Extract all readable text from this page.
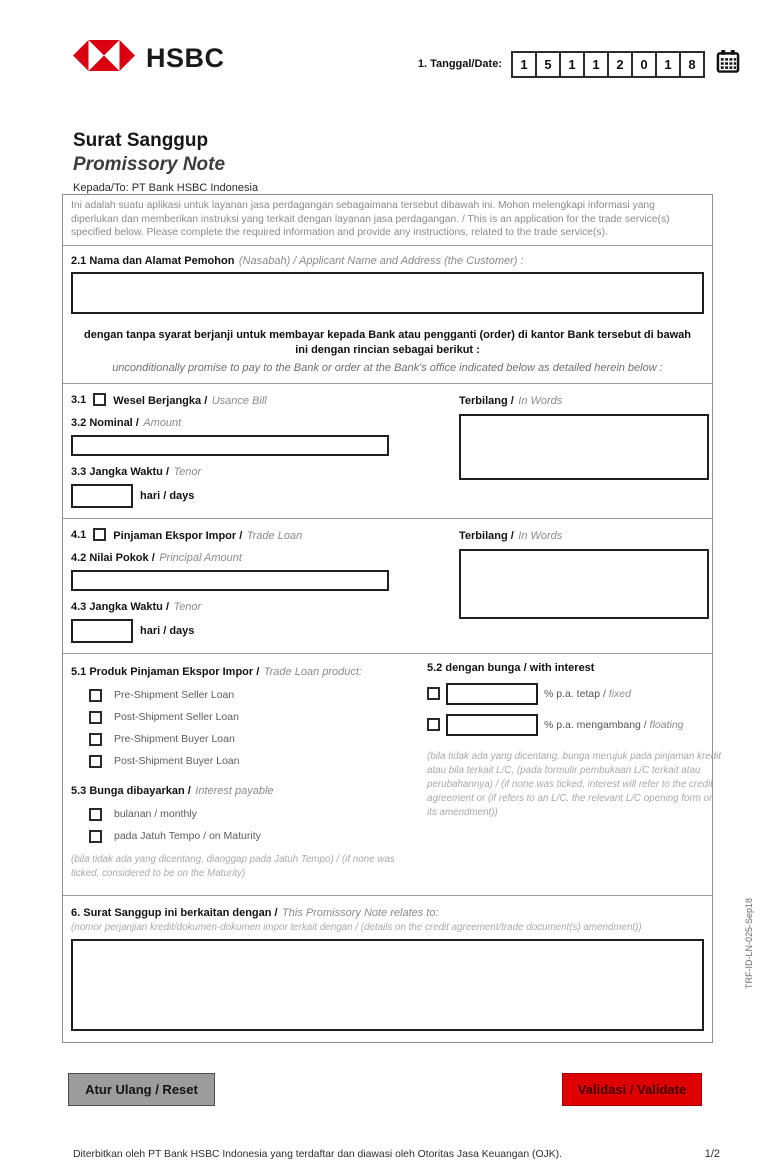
HSBC	1. Tanggal/Date:	1	5	1	1	2	0	1	8
Surat Sanggup
Promissory Note
Kepada/To: PT Bank HSBC Indonesia
Ini adalah suatu aplikasi untuk layanan jasa perdagangan sebagaimana tersebut dibawah ini. Mohon melengkapi informasi yang diperlukan dan memberikan instruksi yang terkait dengan layanan jasa perdagangan. / This is an application for the trade service(s) specified below. Please complete the required information and provide any instructions, related to the trade service(s).
2.1 Nama dan Alamat Pemohon (Nasabah) / Applicant Name and Address (the Customer) :
dengan tanpa syarat berjanji untuk membayar kepada Bank atau pengganti (order) di kantor Bank tersebut di bawah ini dengan rincian sebagai berikut :
unconditionally promise to pay to the Bank or order at the Bank's office indicated below as detailed herein below :
3.1 Wesel Berjangka / Usance Bill
3.2 Nominal / Amount
3.3 Jangka Waktu / Tenor
hari / days
Terbilang / In Words
4.1 Pinjaman Ekspor Impor / Trade Loan
4.2 Nilai Pokok / Principal Amount
4.3 Jangka Waktu / Tenor
hari / days
Terbilang / In Words
5.1 Produk Pinjaman Ekspor Impor / Trade Loan product:
Pre-Shipment Seller Loan
Post-Shipment Seller Loan
Pre-Shipment Buyer Loan
Post-Shipment Buyer Loan
5.3 Bunga dibayarkan / Interest payable
bulanan / monthly
pada Jatuh Tempo / on Maturity
(bila tidak ada yang dicentang, dianggap pada Jatuh Tempo) / (if none was ticked, considered to be on the Maturity)
5.2 dengan bunga / with interest
% p.a. tetap / fixed
% p.a. mengambang / floating
(bila tidak ada yang dicentang, bunga merujuk pada pinjaman kredit atau bila terkait L/C, (pada formulir pembukaan L/C terkait atau perubahannya) / (if none was ticked, interest will refer to the credit agreement or (if refers to an L/C, the relevant L/C opening form or its amendment))
6. Surat Sanggup ini berkaitan dengan / This Promissory Note relates to:
(nomor perjanjian kredit/dokumen-dokumen impor terkait dengan / (details on the credit agreement/trade document(s) amendment))
Atur Ulang / Reset	Validasi / Validate
Diterbitkan oleh PT Bank HSBC Indonesia yang terdaftar dan diawasi oleh Otoritas Jasa Keuangan (OJK).	1/2
TRF-ID-LN-025-Sep18
